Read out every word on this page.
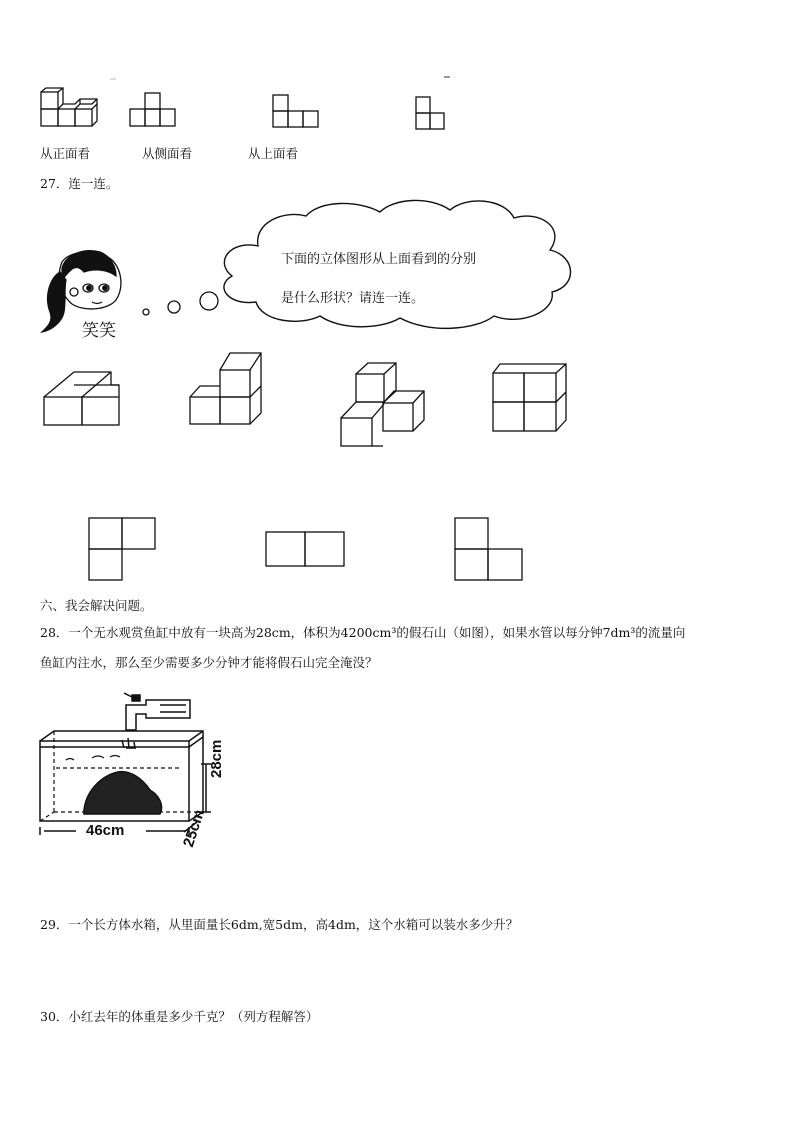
从正面看	从侧面看	从上面看
27．连一连。
下面的立体图形从上面看到的分别
是什么形状？请连一连。
笑笑
六、我会解决问题。
28．一个无水观赏鱼缸中放有一块高为28cm，体积为4200cm³的假石山（如图），如果水管以每分钟7dm³的流量向
鱼缸内注水，那么至少需要多少分钟才能将假石山完全淹没？
28cm
46cm	25cm
29．一个长方体水箱，从里面量长6dm,宽5dm，高4dm，这个水箱可以装水多少升？
30．小红去年的体重是多少千克？（列方程解答）
